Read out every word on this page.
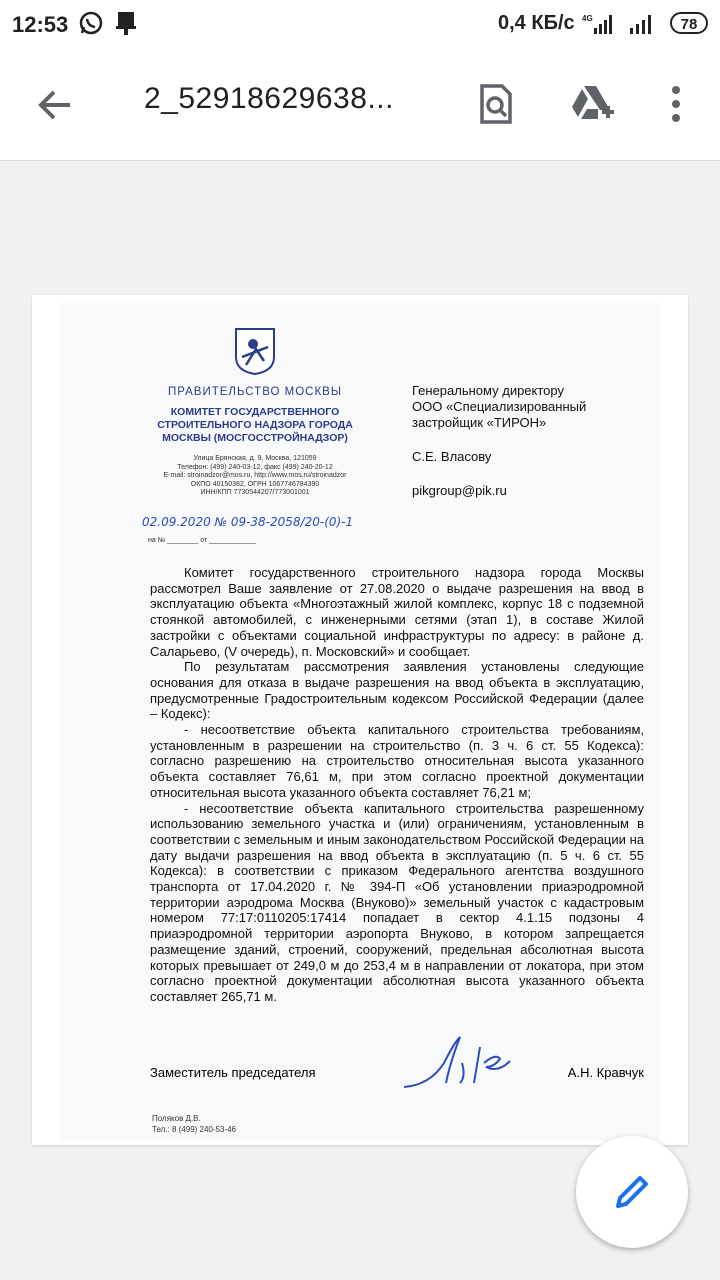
12:53	0,4 КБ/с 4G	78
2_52918629638...
ПРАВИТЕЛЬСТВО МОСКВЫ
КОМИТЕТ ГОСУДАРСТВЕННОГО СТРОИТЕЛЬНОГО НАДЗОРА ГОРОДА МОСКВЫ (МОСГОССТРОЙНАДЗОР)
Улица Брянская, д. 9, Москва, 121059
Телефон: (499) 240-03-12, факс (499) 240-20-12
E-mail: stroinadzor@mos.ru, http://www.mos.ru/stroinadzor
ОКПО 40150382, ОГРН 1067746784390
ИНН/КПП 7730544207/773001001
02.09.2020 № 09-38-2058/20-(0)-1
на № ________ от ____________
Генеральному директору
ООО «Специализированный
застройщик «ТИРОН»
С.Е. Власову
pikgroup@pik.ru

Комитет государственного строительного надзора города Москвы рассмотрел Ваше заявление от 27.08.2020 о выдаче разрешения на ввод в эксплуатацию объекта «Многоэтажный жилой комплекс, корпус 18 с подземной стоянкой автомобилей, с инженерными сетями (этап 1), в составе Жилой застройки с объектами социальной инфраструктуры по адресу: в районе д. Саларьево, (V очередь), п. Московский» и сообщает.

По результатам рассмотрения заявления установлены следующие основания для отказа в выдаче разрешения на ввод объекта в эксплуатацию, предусмотренные Градостроительным кодексом Российской Федерации (далее – Кодекс):

- несоответствие объекта капитального строительства требованиям, установленным в разрешении на строительство (п. 3 ч. 6 ст. 55 Кодекса): согласно разрешению на строительство относительная высота указанного объекта составляет 76,61 м, при этом согласно проектной документации относительная высота указанного объекта составляет 76,21 м;

- несоответствие объекта капитального строительства разрешенному использованию земельного участка и (или) ограничениям, установленным в соответствии с земельным и иным законодательством Российской Федерации на дату выдачи разрешения на ввод объекта в эксплуатацию (п. 5 ч. 6 ст. 55 Кодекса): в соответствии с приказом Федерального агентства воздушного транспорта от 17.04.2020 г. № 394-П «Об установлении приаэродромной территории аэродрома Москва (Внуково)» земельный участок с кадастровым номером 77:17:0110205:17414 попадает в сектор 4.1.15 подзоны 4 приаэродромной территории аэропорта Внуково, в котором запрещается размещение зданий, строений, сооружений, предельная абсолютная высота которых превышает от 249,0 м до 253,4 м в направлении от локатора, при этом согласно проектной документации абсолютная высота указанного объекта составляет 265,71 м.

Заместитель председателя	А.Н. Кравчук
Поляков Д.В.
Тел.: 8 (499) 240-53-46
